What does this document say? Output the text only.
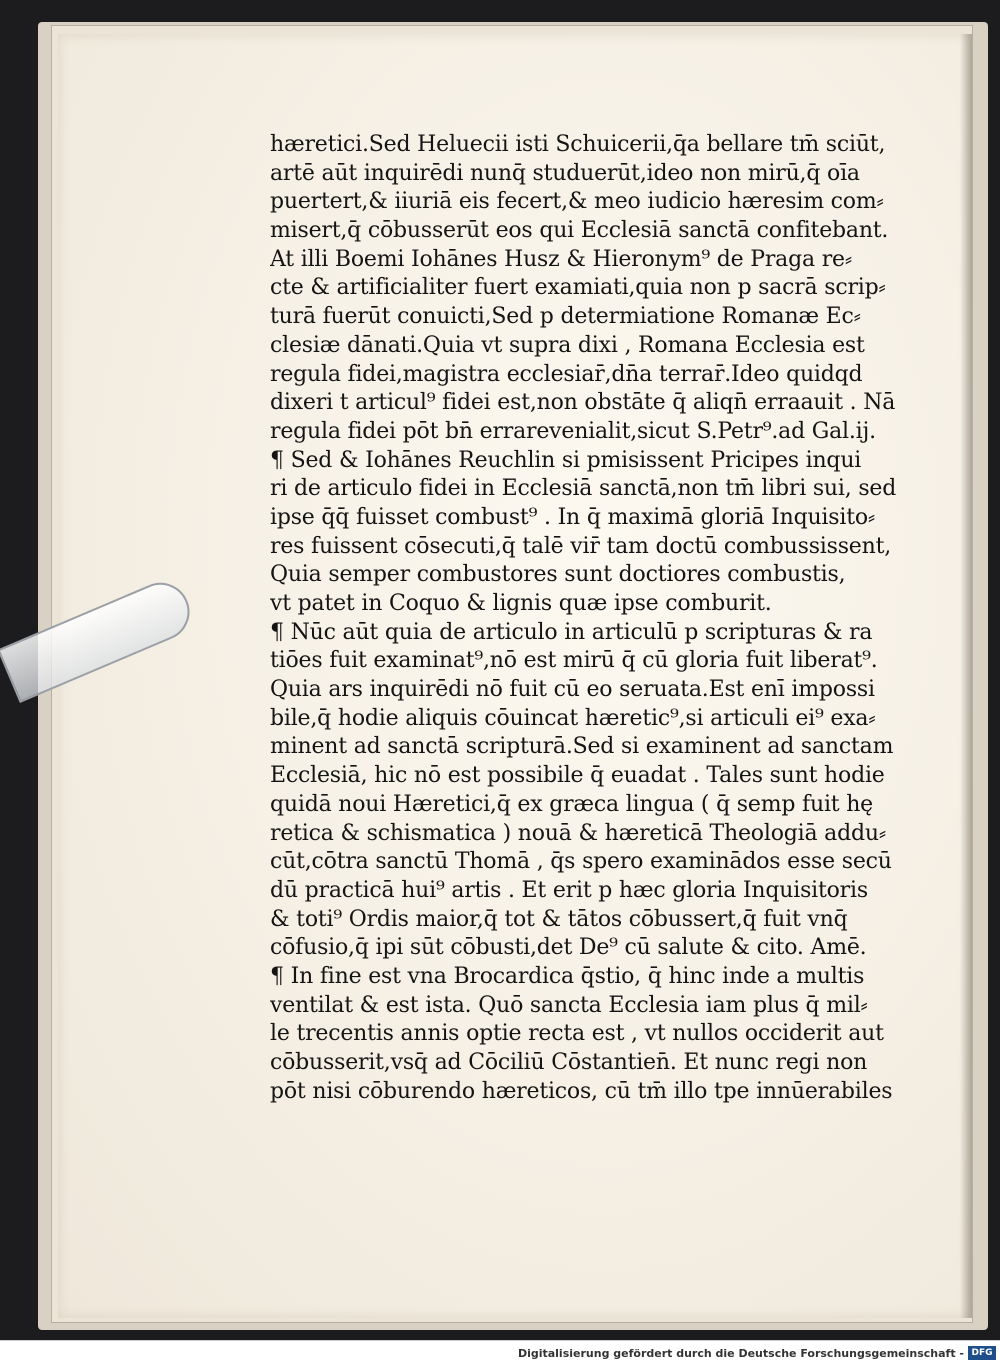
hæretici.Sed Heluecii isti Schuicerii,q̄a bellare tm̄ sciūt,
artē aūt inquirēdi nunq̄ studuerūt,ideo non mirū,q̄ oīa
puertert,& iiuriā eis fecert,& meo iudicio hæresim com⸗
misert,q̄ cōbusserūt eos qui Ecclesiā sanctā confitebant.
At illi Boemi Iohānes Husz & Hieronym⁹ de Praga re⸗
cte & artificialiter fuert examiati,quia non p sacrā scrip⸗
turā fuerūt conuicti,Sed p determiatione Romanæ Ec⸗
clesiæ dānati.Quia vt supra dixi , Romana Ecclesia est
regula fidei,magistra ecclesiar̄,dn̄a terrar̄.Ideo quidqd
dixeri t articul⁹ fidei est,non obstāte q̄ aliqn̄ erraauit . Nā
regula fidei pōt bn̄ errarevenialit,sicut S.Petr⁹.ad Gal.ij.
¶ Sed & Iohānes Reuchlin si pmisissent Pricipes inqui
ri de articulo fidei in Ecclesiā sanctā,non tm̄ libri sui, sed
ipse q̄q̄ fuisset combust⁹ . In q̄ maximā gloriā Inquisito⸗
res fuissent cōsecuti,q̄ talē vir̄ tam doctū combussissent,
Quia semper combustores sunt doctiores combustis,
vt patet in Coquo & lignis quæ ipse comburit.
¶ Nūc aūt quia de articulo in articulū p scripturas & ra
tiōes fuit examinat⁹,nō est mirū q̄ cū gloria fuit liberat⁹.
Quia ars inquirēdi nō fuit cū eo seruata.Est enī impossi
bile,q̄ hodie aliquis cōuincat hæretic⁹,si articuli ei⁹ exa⸗
minent ad sanctā scripturā.Sed si examinent ad sanctam
Ecclesiā, hic nō est possibile q̄ euadat . Tales sunt hodie
quidā noui Hæretici,q̄ ex græca lingua ( q̄ semp fuit hę
retica & schismatica ) nouā & hæreticā Theologiā addu⸗
cūt,cōtra sanctū Thomā , q̄s spero examinādos esse secū
dū practicā hui⁹ artis . Et erit p hæc gloria Inquisitoris
& toti⁹ Ordis maior,q̄ tot & tātos cōbussert,q̄ fuit vnq̄
cōfusio,q̄ ipi sūt cōbusti,det De⁹ cū salute & cito. Amē.
¶ In fine est vna Brocardica q̄stio, q̄ hinc inde a multis
ventilat & est ista. Quō sancta Ecclesia iam plus q̄ mil⸗
le trecentis annis optie recta est , vt nullos occiderit aut
cōbusserit,vsq̄ ad Cōciliū Cōstantien̄. Et nunc regi non
pōt nisi cōburendo hæreticos, cū tm̄ illo tpe innūerabiles
Digitalisierung gefördert durch die Deutsche Forschungsgemeinschaft - DFG
